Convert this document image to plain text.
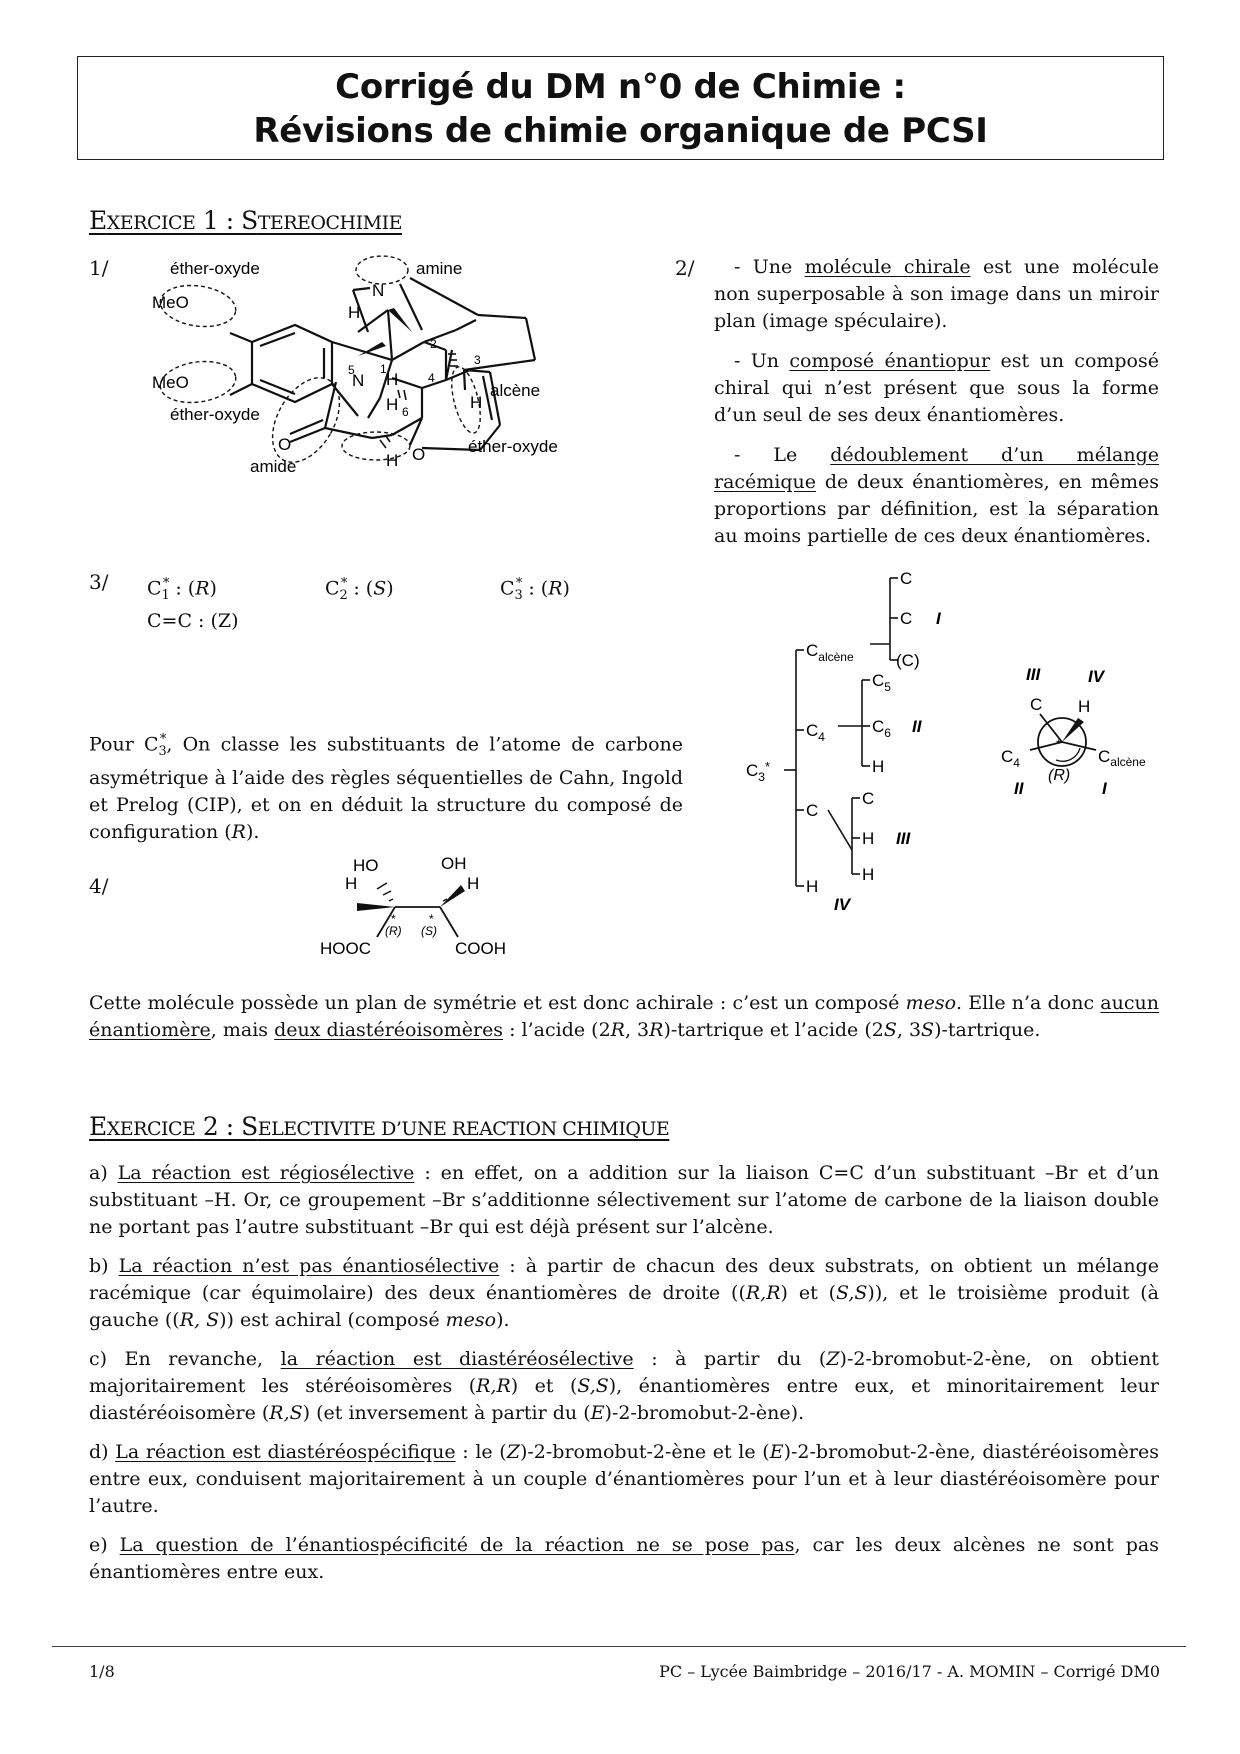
Corrigé du DM n°0 de Chimie :
Révisions de chimie organique de PCSI
EXERCICE 1 : STEREOCHIMIE
1/
MeO
MeO
N
H
N H
H	H
O
O
H
1
2
3
4
5
6
éther-oxyde
éther-oxyde
éther-oxyde
amine
alcène
amide
2/	- Une molécule chirale est une molécule non superposable à son image dans un miroir plan (image spéculaire).
- Un composé énantiopur est un composé chiral qui n’est présent que sous la forme d’un seul de ses deux énantiomères.
- Le dédoublement d’un mélange racémique de deux énantiomères, en mêmes proportions par définition, est la séparation au moins partielle de ces deux énantiomères.
3/ $C_1^*$ : (R)	$C_2^*$ : (S)	$C_3^*$ : (R)
C=C : (Z)
Pour $C_3^*$, On classe les substituants de l’atome de carbone asymétrique à l’aide des règles séquentielles de Cahn, Ingold et Prelog (CIP), et on en déduit la structure du composé de configuration (R).
$C_3^*$
$C_{alcène}$
C
C
(C)
I
$C_4$
$C_5$
$C_6$
H
II
C
C
H
H
III
H
IV
III	IV
C H
*
$C_4$
(R)
$C_{alcène}$
II	I
4/
HO	OH
H	H
*	*
(R) (S)
HOOC	COOH
Cette molécule possède un plan de symétrie et est donc achirale : c’est un composé meso. Elle n’a donc aucun énantiomère, mais deux diastéréoisomères : l’acide (2R, 3R)-tartrique et l’acide (2S, 3S)-tartrique.
EXERCICE 2 : SELECTIVITE D’UNE REACTION CHIMIQUE
a) La réaction est régiosélective : en effet, on a addition sur la liaison C=C d’un substituant –Br et d’un substituant –H. Or, ce groupement –Br s’additionne sélectivement sur l’atome de carbone de la liaison double ne portant pas l’autre substituant –Br qui est déjà présent sur l’alcène.
b) La réaction n’est pas énantiosélective : à partir de chacun des deux substrats, on obtient un mélange racémique (car équimolaire) des deux énantiomères de droite ((R,R) et (S,S)), et le troisième produit (à gauche ((R, S)) est achiral (composé meso).
c) En revanche, la réaction est diastéréosélective : à partir du (Z)-2-bromobut-2-ène, on obtient majoritairement les stéréoisomères (R,R) et (S,S), énantiomères entre eux, et minoritairement leur diastéréoisomère (R,S) (et inversement à partir du (E)-2-bromobut-2-ène).
d) La réaction est diastéréospécifique : le (Z)-2-bromobut-2-ène et le (E)-2-bromobut-2-ène, diastéréoisomères entre eux, conduisent majoritairement à un couple d’énantiomères pour l’un et à leur diastéréoisomère pour l’autre.
e) La question de l’énantiospécificité de la réaction ne se pose pas, car les deux alcènes ne sont pas énantiomères entre eux.
1/8	PC – Lycée Baimbridge – 2016/17 - A. MOMIN – Corrigé DM0
